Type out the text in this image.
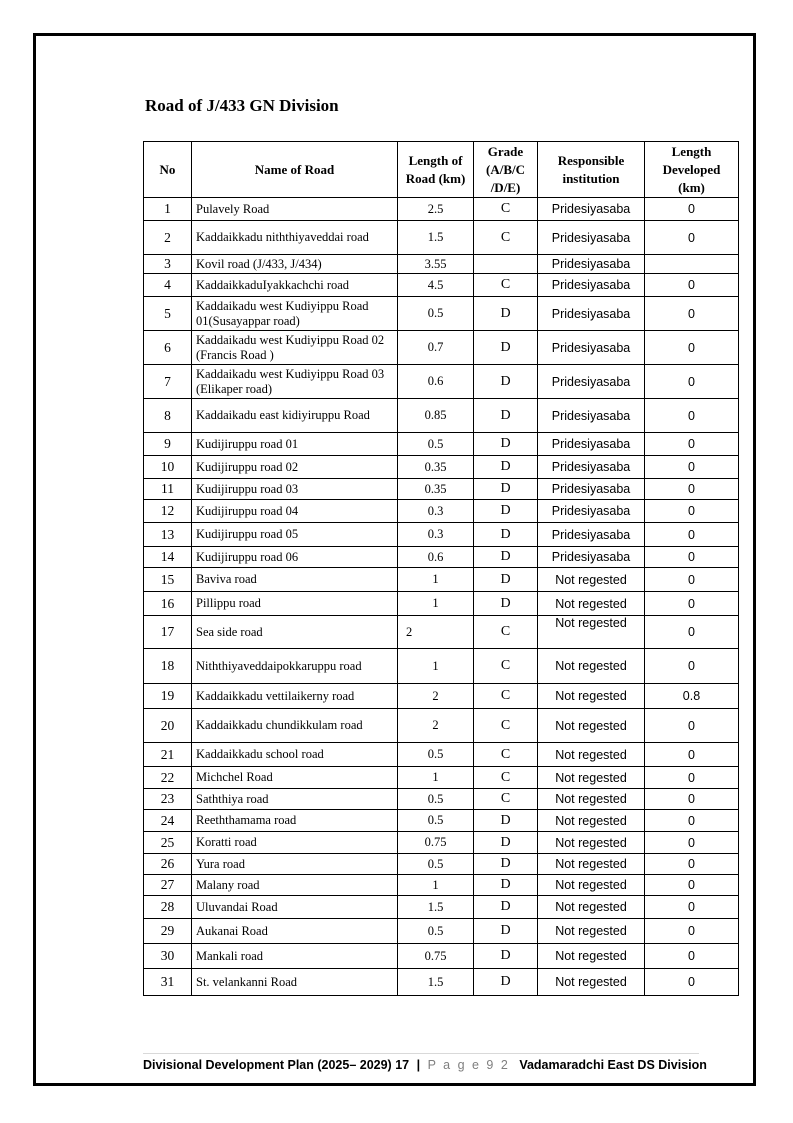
Road of J/433 GN Division
No	Name of Road	Length of Road (km)	Grade (A/B/C /D/E)	Responsible institution	Length Developed (km)
1	Pulavely Road	2.5	C	Pridesiyasaba	0
2	Kaddaikkadu niththiyaveddai road	1.5	C	Pridesiyasaba	0
3	Kovil road (J/433, J/434)	3.55		Pridesiyasaba	
4	KaddaikkaduIyakkachchi road	4.5	C	Pridesiyasaba	0
5	Kaddaikadu west Kudiyippu Road 01(Susayappar road)	0.5	D	Pridesiyasaba	0
6	Kaddaikadu west Kudiyippu Road 02 (Francis Road )	0.7	D	Pridesiyasaba	0
7	Kaddaikadu west Kudiyippu Road 03 (Elikaper road)	0.6	D	Pridesiyasaba	0
8	Kaddaikadu east kidiyiruppu Road	0.85	D	Pridesiyasaba	0
9	Kudijiruppu road 01	0.5	D	Pridesiyasaba	0
10	Kudijiruppu road 02	0.35	D	Pridesiyasaba	0
11	Kudijiruppu road 03	0.35	D	Pridesiyasaba	0
12	Kudijiruppu road 04	0.3	D	Pridesiyasaba	0
13	Kudijiruppu road 05	0.3	D	Pridesiyasaba	0
14	Kudijiruppu road 06	0.6	D	Pridesiyasaba	0
15	Baviva road	1	D	Not regested	0
16	Pillippu road	1	D	Not regested	0
17	Sea side road	2	C	Not regested	0
18	Niththiyaveddaipokkaruppu road	1	C	Not regested	0
19	Kaddaikkadu vettilaikerny road	2	C	Not regested	0.8
20	Kaddaikkadu chundikkulam road	2	C	Not regested	0
21	Kaddaikkadu school road	0.5	C	Not regested	0
22	Michchel Road	1	C	Not regested	0
23	Saththiya road	0.5	C	Not regested	0
24	Reeththamama road	0.5	D	Not regested	0
25	Koratti road	0.75	D	Not regested	0
26	Yura road	0.5	D	Not regested	0
27	Malany road	1	D	Not regested	0
28	Uluvandai Road	1.5	D	Not regested	0
29	Aukanai Road	0.5	D	Not regested	0
30	Mankali road	0.75	D	Not regested	0
31	St. velankanni Road	1.5	D	Not regested	0
Divisional Development Plan (2025– 2029) 17 | P a g e 9 2 Vadamaradchi East DS Division
